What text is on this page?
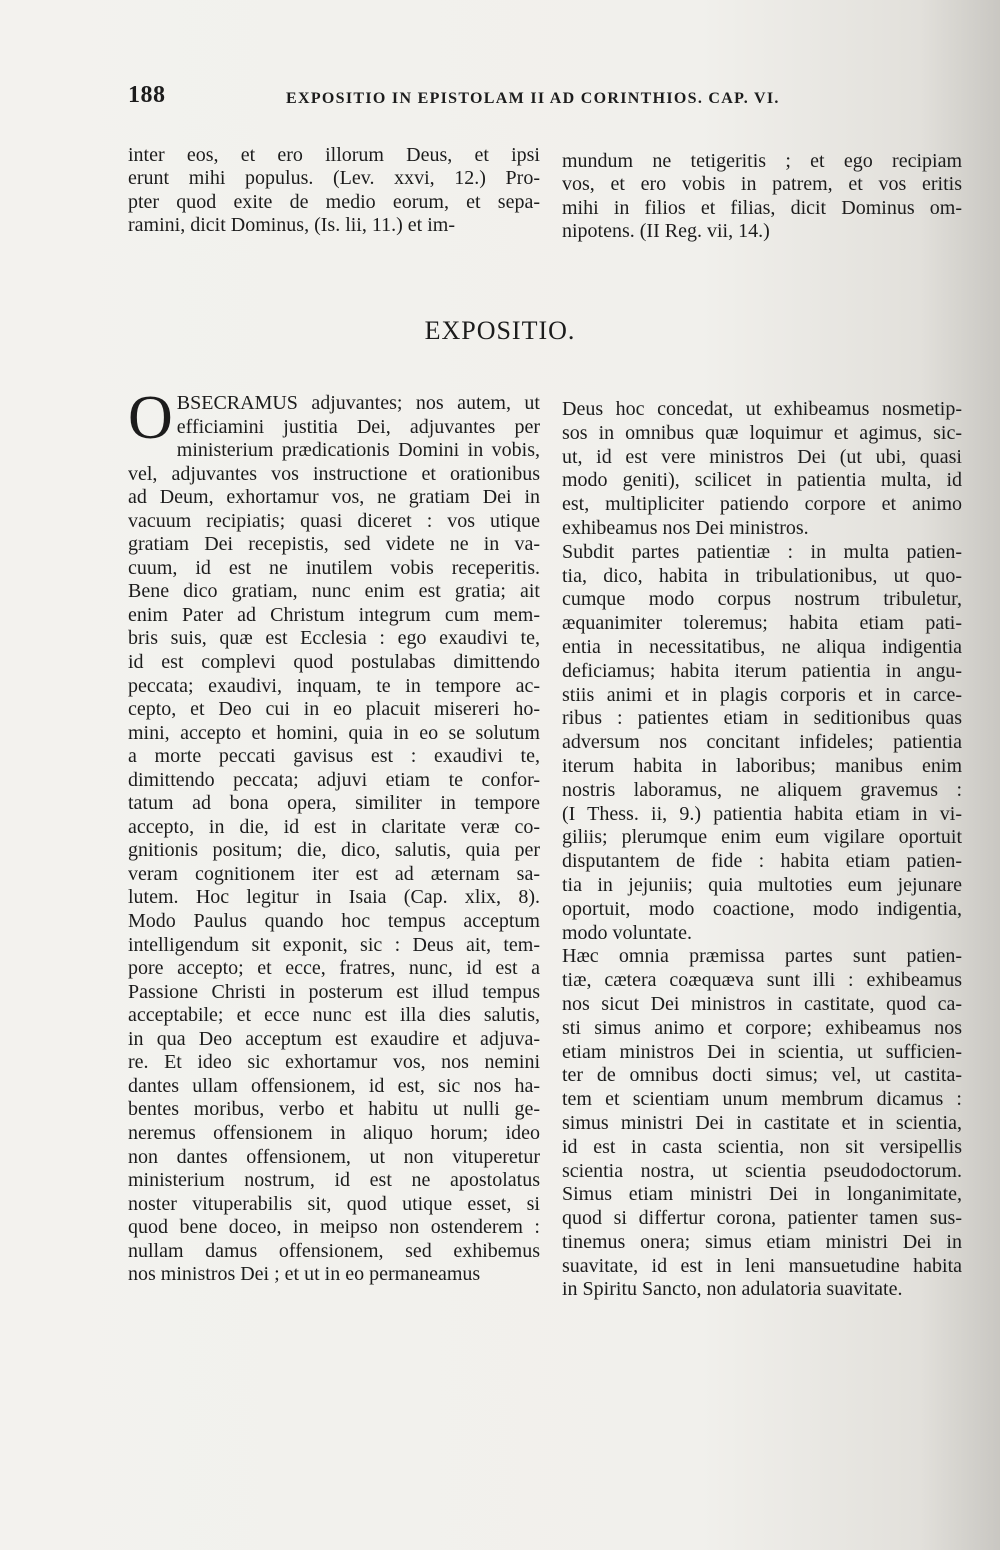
188	EXPOSITIO IN EPISTOLAM II AD CORINTHIOS. CAP. VI.
inter eos, et ero illorum Deus, et ipsi
erunt mihi populus. (Lev. xxvi, 12.) Pro-
pter quod exite de medio eorum, et sepa-
ramini, dicit Dominus, (Is. lii, 11.) et im-
mundum ne tetigeritis ; et ego recipiam
vos, et ero vobis in patrem, et vos eritis
mihi in filios et filias, dicit Dominus om-
nipotens. (II Reg. vii, 14.)
EXPOSITIO.
O BSECRAMUS adjuvantes; nos autem, ut
efficiamini justitia Dei, adjuvantes per
ministerium prædicationis Domini in vobis,
vel, adjuvantes vos instructione et orationibus
ad Deum, exhortamur vos, ne gratiam Dei in
vacuum recipiatis; quasi diceret : vos utique
gratiam Dei recepistis, sed videte ne in va-
cuum, id est ne inutilem vobis receperitis.
Bene dico gratiam, nunc enim est gratia; ait
enim Pater ad Christum integrum cum mem-
bris suis, quæ est Ecclesia : ego exaudivi te,
id est complevi quod postulabas dimittendo
peccata; exaudivi, inquam, te in tempore ac-
cepto, et Deo cui in eo placuit misereri ho-
mini, accepto et homini, quia in eo se solutum
a morte peccati gavisus est : exaudivi te,
dimittendo peccata; adjuvi etiam te confor-
tatum ad bona opera, similiter in tempore
accepto, in die, id est in claritate veræ co-
gnitionis positum; die, dico, salutis, quia per
veram cognitionem iter est ad æternam sa-
lutem. Hoc legitur in Isaia (Cap. xlix, 8).
Modo Paulus quando hoc tempus acceptum
intelligendum sit exponit, sic : Deus ait, tem-
pore accepto; et ecce, fratres, nunc, id est a
Passione Christi in posterum est illud tempus
acceptabile; et ecce nunc est illa dies salutis,
in qua Deo acceptum est exaudire et adjuva-
re. Et ideo sic exhortamur vos, nos nemini
dantes ullam offensionem, id est, sic nos ha-
bentes moribus, verbo et habitu ut nulli ge-
neremus offensionem in aliquo horum; ideo
non dantes offensionem, ut non vituperetur
ministerium nostrum, id est ne apostolatus
noster vituperabilis sit, quod utique esset, si
quod bene doceo, in meipso non ostenderem :
nullam damus offensionem, sed exhibemus
nos ministros Dei ; et ut in eo permaneamus
Deus hoc concedat, ut exhibeamus nosmetip-
sos in omnibus quæ loquimur et agimus, sic-
ut, id est vere ministros Dei (ut ubi, quasi
modo geniti), scilicet in patientia multa, id
est, multipliciter patiendo corpore et animo
exhibeamus nos Dei ministros.
Subdit partes patientiæ : in multa patien-
tia, dico, habita in tribulationibus, ut quo-
cumque modo corpus nostrum tribuletur,
æquanimiter toleremus; habita etiam pati-
entia in necessitatibus, ne aliqua indigentia
deficiamus; habita iterum patientia in angu-
stiis animi et in plagis corporis et in carce-
ribus : patientes etiam in seditionibus quas
adversum nos concitant infideles; patientia
iterum habita in laboribus; manibus enim
nostris laboramus, ne aliquem gravemus :
(I Thess. ii, 9.) patientia habita etiam in vi-
giliis; plerumque enim eum vigilare oportuit
disputantem de fide : habita etiam patien-
tia in jejuniis; quia multoties eum jejunare
oportuit, modo coactione, modo indigentia,
modo voluntate.
Hæc omnia præmissa partes sunt patien-
tiæ, cætera coæquæva sunt illi : exhibeamus
nos sicut Dei ministros in castitate, quod ca-
sti simus animo et corpore; exhibeamus nos
etiam ministros Dei in scientia, ut sufficien-
ter de omnibus docti simus; vel, ut castita-
tem et scientiam unum membrum dicamus :
simus ministri Dei in castitate et in scientia,
id est in casta scientia, non sit versipellis
scientia nostra, ut scientia pseudodoctorum.
Simus etiam ministri Dei in longanimitate,
quod si differtur corona, patienter tamen sus-
tinemus onera; simus etiam ministri Dei in
suavitate, id est in leni mansuetudine habita
in Spiritu Sancto, non adulatoria suavitate.
